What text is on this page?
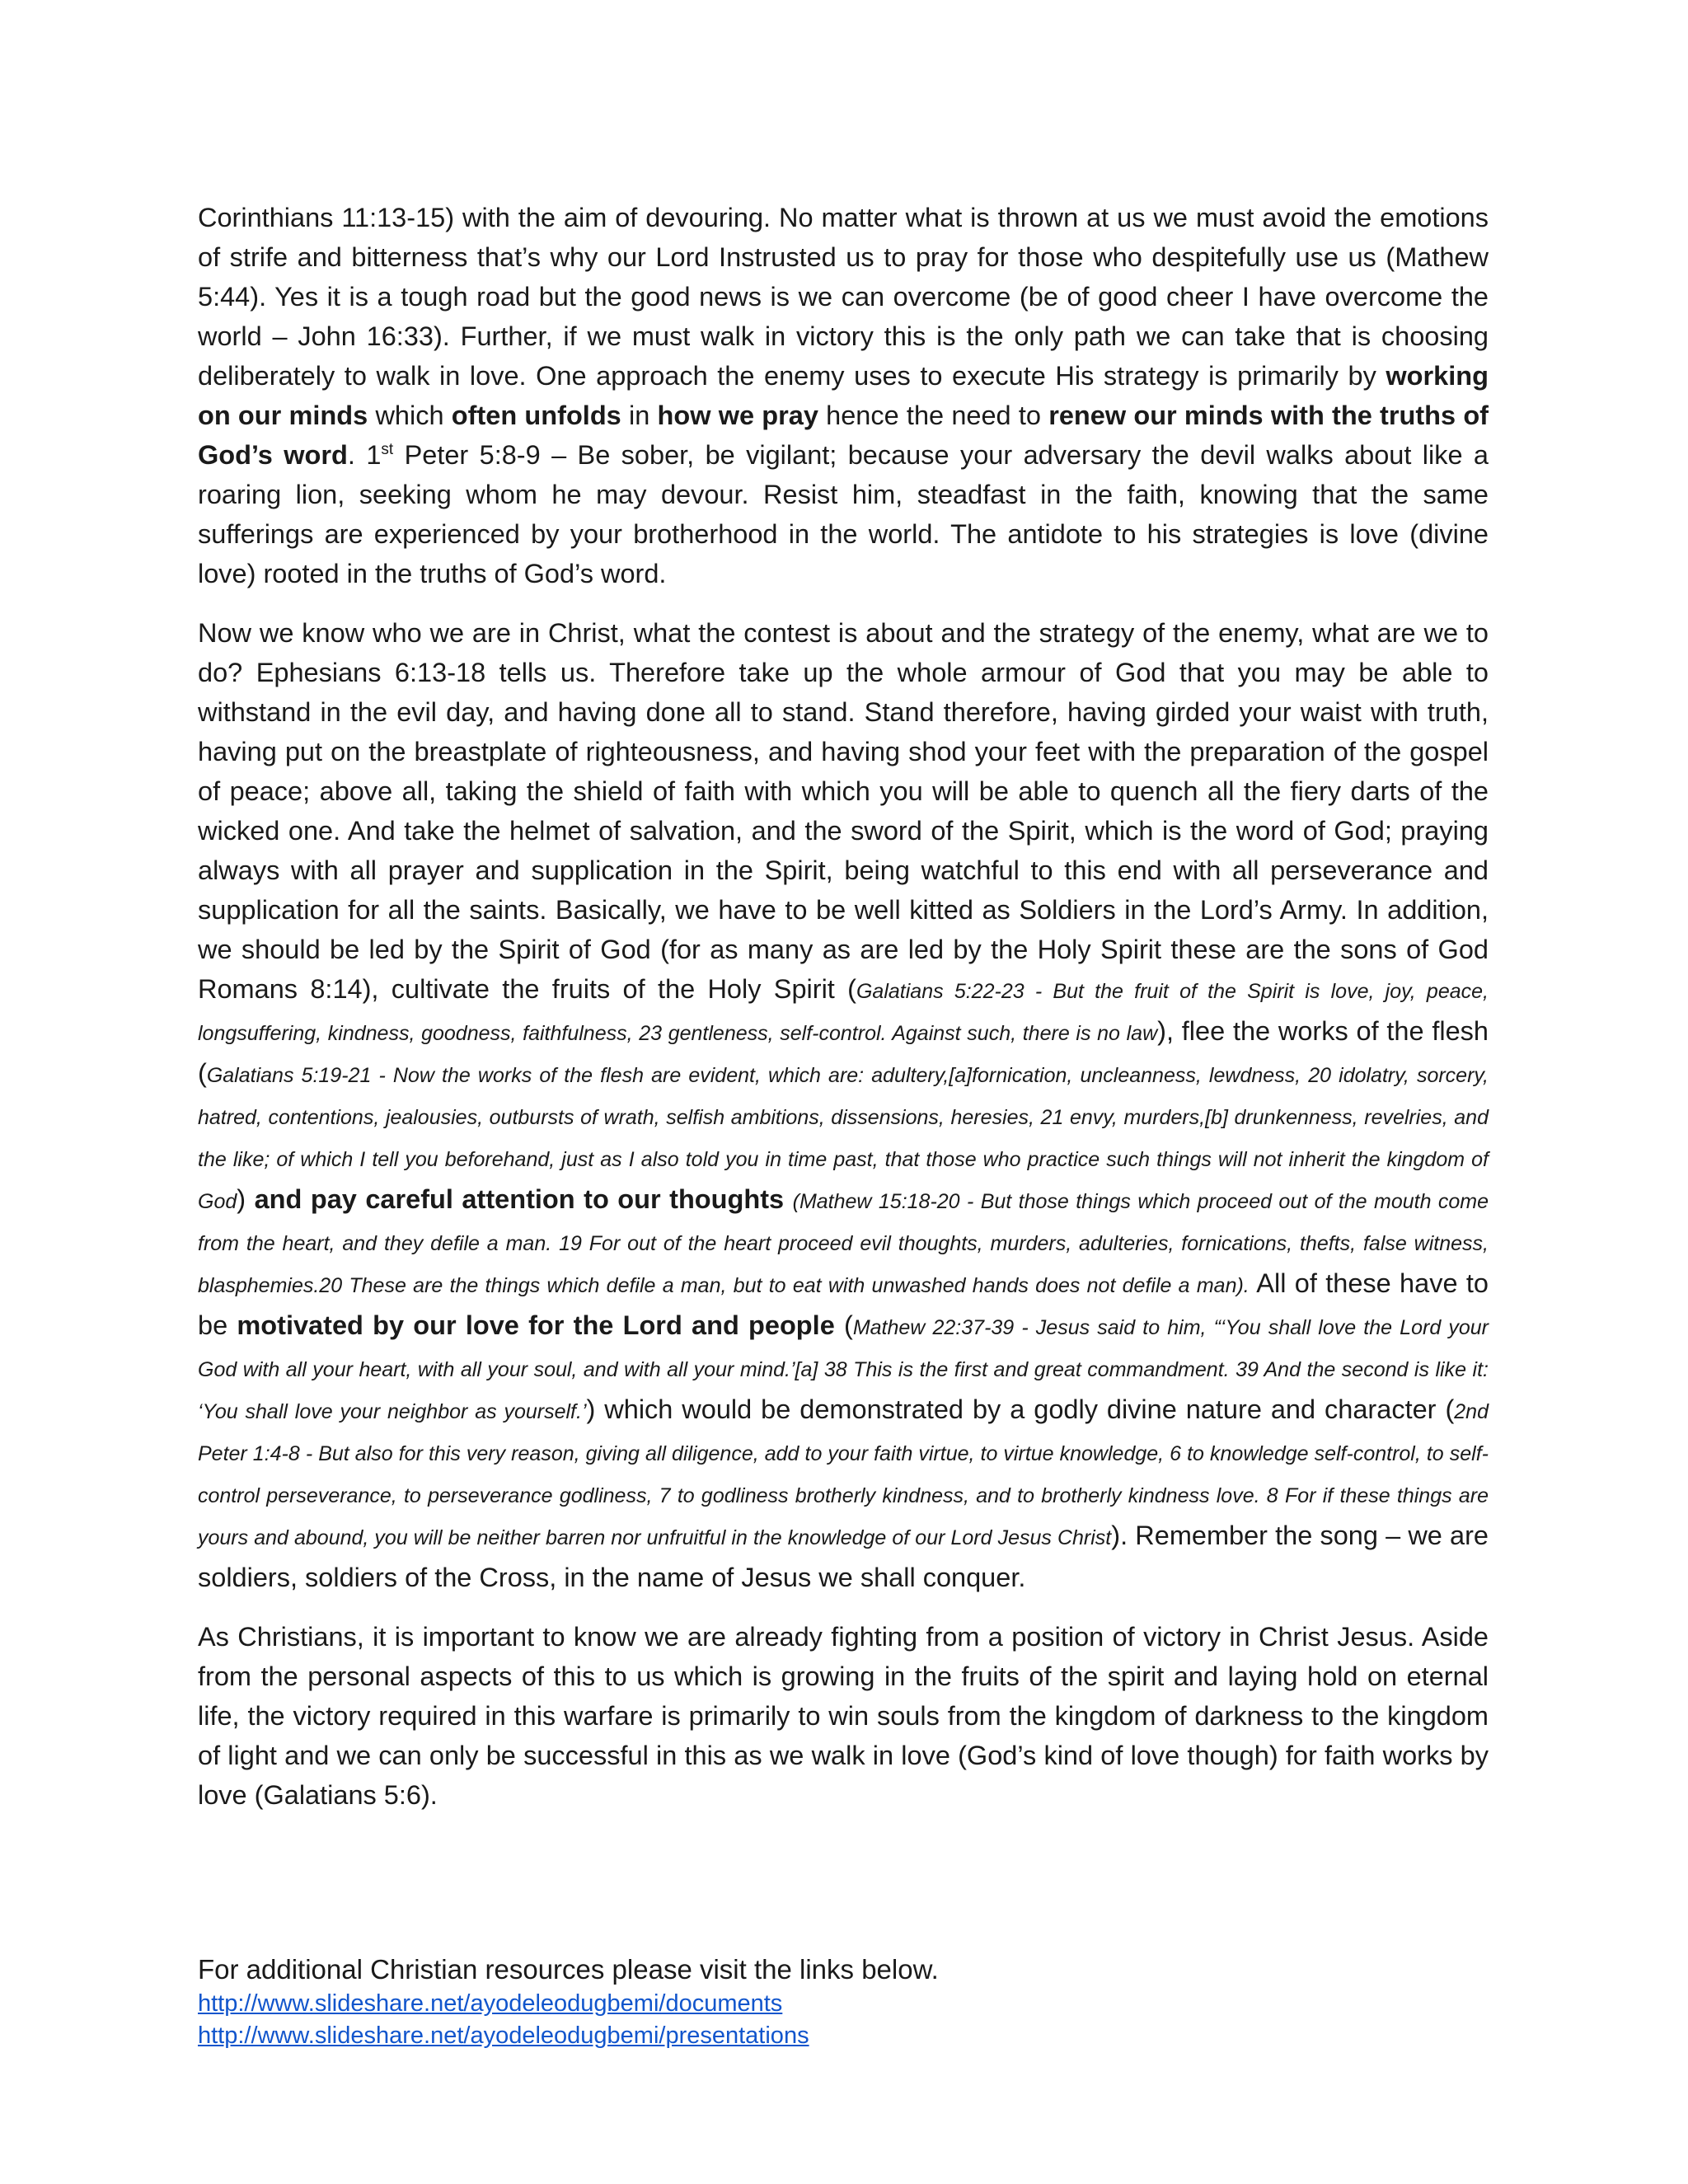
Corinthians 11:13-15) with the aim of devouring. No matter what is thrown at us we must avoid the emotions of strife and bitterness that’s why our Lord Instrusted us to pray for those who despitefully use us (Mathew 5:44). Yes it is a tough road but the good news is we can overcome (be of good cheer I have overcome the world – John 16:33). Further, if we must walk in victory this is the only path we can take that is choosing deliberately to walk in love. One approach the enemy uses to execute His strategy is primarily by working on our minds which often unfolds in how we pray hence the need to renew our minds with the truths of God’s word. 1st Peter 5:8-9 – Be sober, be vigilant; because your adversary the devil walks about like a roaring lion, seeking whom he may devour. Resist him, steadfast in the faith, knowing that the same sufferings are experienced by your brotherhood in the world. The antidote to his strategies is love (divine love) rooted in the truths of God’s word.

Now we know who we are in Christ, what the contest is about and the strategy of the enemy, what are we to do? Ephesians 6:13-18 tells us. Therefore take up the whole armour of God that you may be able to withstand in the evil day, and having done all to stand. Stand therefore, having girded your waist with truth, having put on the breastplate of righteousness, and having shod your feet with the preparation of the gospel of peace; above all, taking the shield of faith with which you will be able to quench all the fiery darts of the wicked one. And take the helmet of salvation, and the sword of the Spirit, which is the word of God; praying always with all prayer and supplication in the Spirit, being watchful to this end with all perseverance and supplication for all the saints. Basically, we have to be well kitted as Soldiers in the Lord’s Army. In addition, we should be led by the Spirit of God (for as many as are led by the Holy Spirit these are the sons of God Romans 8:14), cultivate the fruits of the Holy Spirit (Galatians 5:22-23 - But the fruit of the Spirit is love, joy, peace, longsuffering, kindness, goodness, faithfulness, 23 gentleness, self-control. Against such, there is no law), flee the works of the flesh (Galatians 5:19-21 - Now the works of the flesh are evident, which are: adultery,[a]fornication, uncleanness, lewdness, 20 idolatry, sorcery, hatred, contentions, jealousies, outbursts of wrath, selfish ambitions, dissensions, heresies, 21 envy, murders,[b] drunkenness, revelries, and the like; of which I tell you beforehand, just as I also told you in time past, that those who practice such things will not inherit the kingdom of God) and pay careful attention to our thoughts (Mathew 15:18-20 - But those things which proceed out of the mouth come from the heart, and they defile a man. 19 For out of the heart proceed evil thoughts, murders, adulteries, fornications, thefts, false witness, blasphemies.20 These are the things which defile a man, but to eat with unwashed hands does not defile a man). All of these have to be motivated by our love for the Lord and people (Mathew 22:37-39 - Jesus said to him, “‘You shall love the Lord your God with all your heart, with all your soul, and with all your mind.’[a] 38 This is the first and great commandment. 39 And the second is like it: ‘You shall love your neighbor as yourself.’) which would be demonstrated by a godly divine nature and character (2nd Peter 1:4-8 - But also for this very reason, giving all diligence, add to your faith virtue, to virtue knowledge, 6 to knowledge self-control, to self-control perseverance, to perseverance godliness, 7 to godliness brotherly kindness, and to brotherly kindness love. 8 For if these things are yours and abound, you will be neither barren nor unfruitful in the knowledge of our Lord Jesus Christ). Remember the song – we are soldiers, soldiers of the Cross, in the name of Jesus we shall conquer.

As Christians, it is important to know we are already fighting from a position of victory in Christ Jesus. Aside from the personal aspects of this to us which is growing in the fruits of the spirit and laying hold on eternal life, the victory required in this warfare is primarily to win souls from the kingdom of darkness to the kingdom of light and we can only be successful in this as we walk in love (God’s kind of love though) for faith works by love (Galatians 5:6).

For additional Christian resources please visit the links below.
http://www.slideshare.net/ayodeleodugbemi/documents
http://www.slideshare.net/ayodeleodugbemi/presentations
